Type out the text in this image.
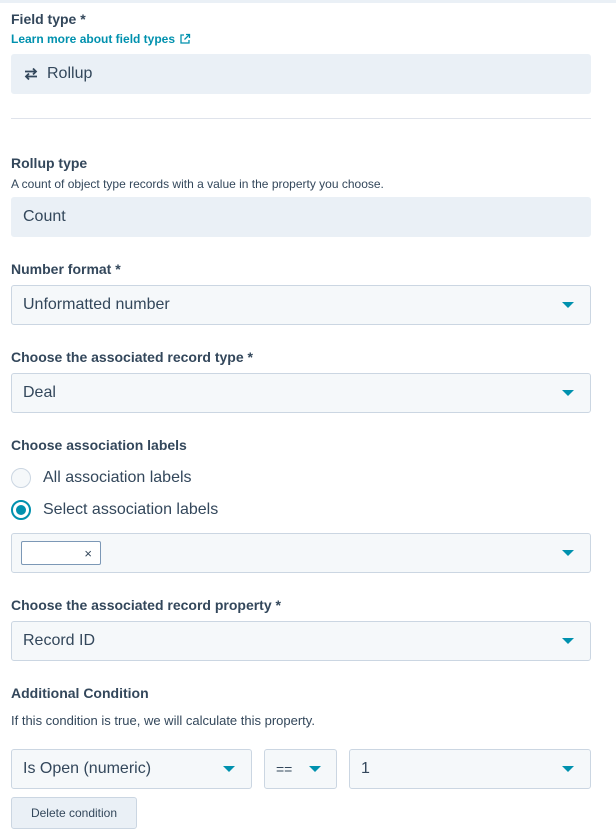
Field type *
Learn more about field types
Rollup
Rollup type
A count of object type records with a value in the property you choose.
Count
Number format *
Unformatted number
Choose the associated record type *
Deal
Choose association labels
All association labels
Select association labels
×
Choose the associated record property *
Record ID
Additional Condition
If this condition is true, we will calculate this property.
Is Open (numeric)	==	1
Delete condition
